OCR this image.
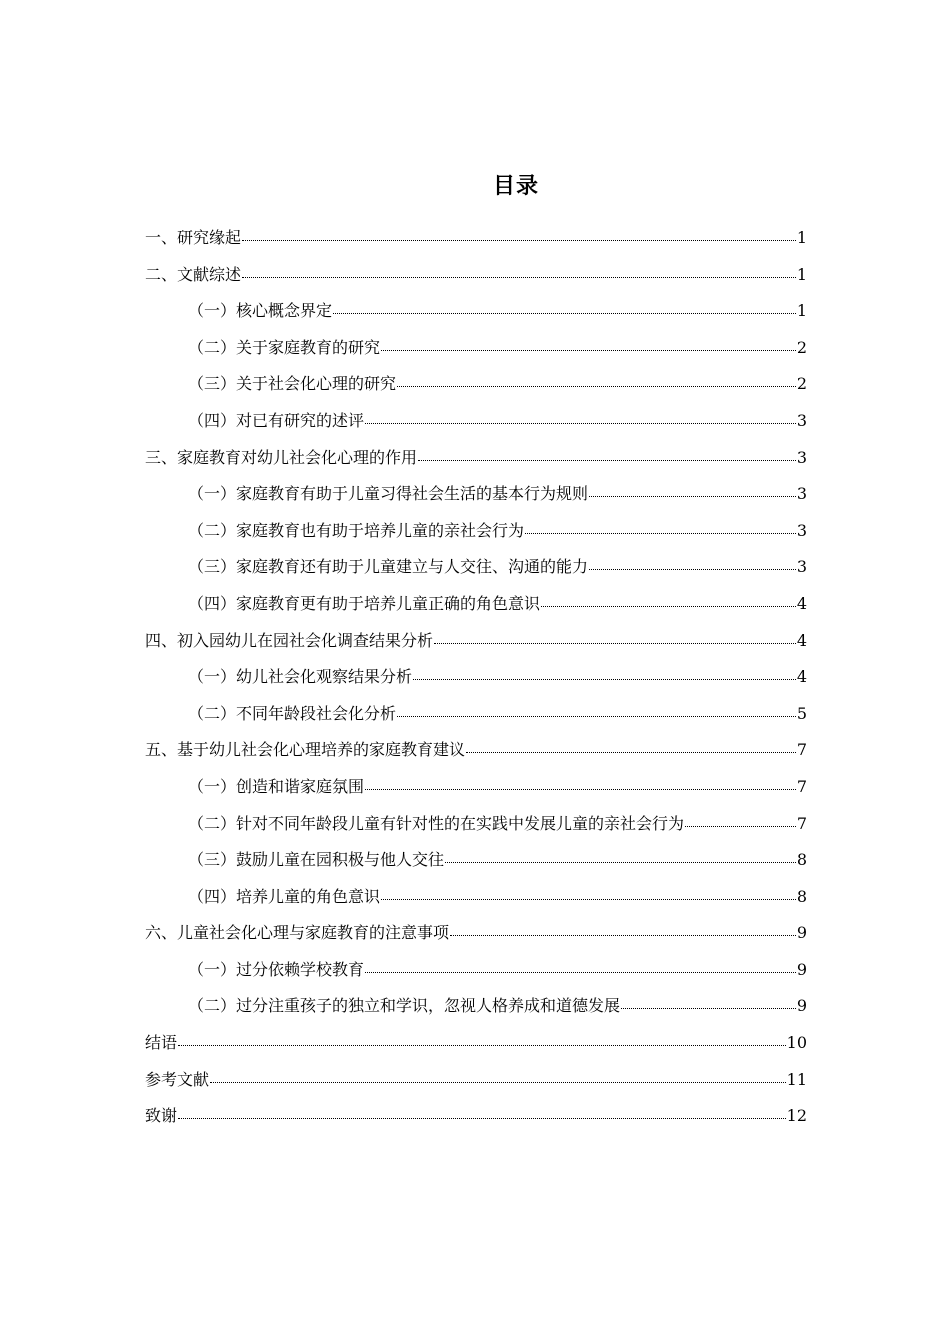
目录
一、研究缘起	1
二、文献综述	1
（一）核心概念界定	1
（二）关于家庭教育的研究	2
（三）关于社会化心理的研究	2
（四）对已有研究的述评	3
三、家庭教育对幼儿社会化心理的作用	3
（一）家庭教育有助于儿童习得社会生活的基本行为规则	3
（二）家庭教育也有助于培养儿童的亲社会行为	3
（三）家庭教育还有助于儿童建立与人交往、沟通的能力	3
（四）家庭教育更有助于培养儿童正确的角色意识	4
四、初入园幼儿在园社会化调查结果分析	4
（一）幼儿社会化观察结果分析	4
（二）不同年龄段社会化分析	5
五、基于幼儿社会化心理培养的家庭教育建议	7
（一）创造和谐家庭氛围	7
（二）针对不同年龄段儿童有针对性的在实践中发展儿童的亲社会行为	7
（三）鼓励儿童在园积极与他人交往	8
（四）培养儿童的角色意识	8
六、儿童社会化心理与家庭教育的注意事项	9
（一）过分依赖学校教育	9
（二）过分注重孩子的独立和学识，忽视人格养成和道德发展	9
结语	10
参考文献	11
致谢	12
